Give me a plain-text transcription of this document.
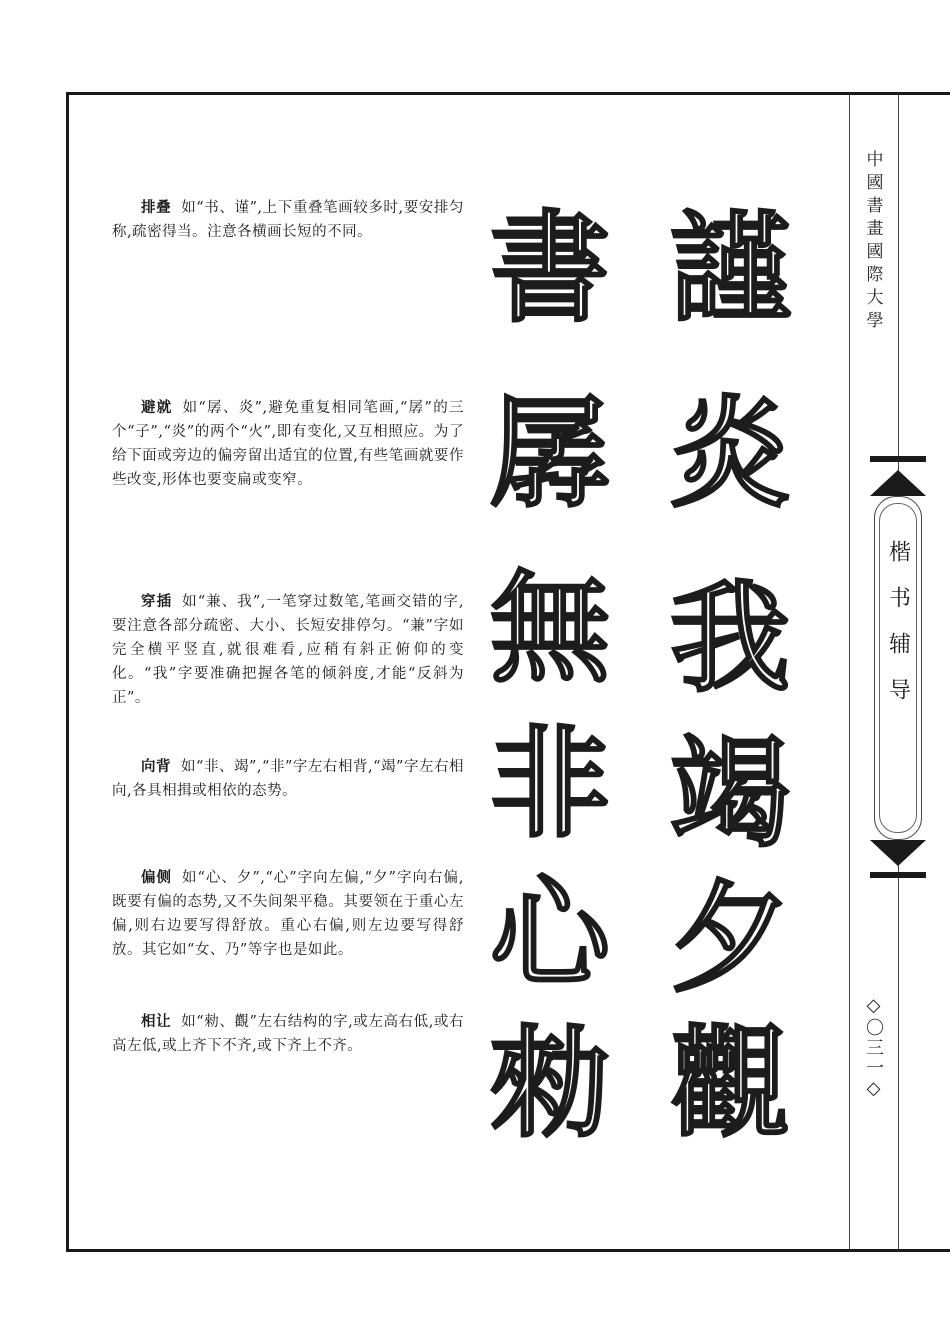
排叠 如“书、谨”,上下重叠笔画较多时,要安排匀称,疏密得当。注意各横画长短的不同。

避就 如“孱、炎”,避免重复相同笔画,“孱”的三个“子”,“炎”的两个“火”,即有变化,又互相照应。为了给下面或旁边的偏旁留出适宜的位置,有些笔画就要作些改变,形体也要变扁或变窄。

穿插 如“兼、我”,一笔穿过数笔,笔画交错的字,要注意各部分疏密、大小、长短安排停匀。“兼”字如完全横平竖直,就很难看,应稍有斜正俯仰的变化。“我”字要准确把握各笔的倾斜度,才能“反斜为正”。

向背 如“非、竭”,“非”字左右相背,“竭”字左右相向,各具相揖或相依的态势。

偏侧 如“心、夕”,“心”字向左偏,“夕”字向右偏,既要有偏的态势,又不失间架平稳。其要领在于重心左偏,则右边要写得舒放。重心右偏,则左边要写得舒放。其它如“女、乃”等字也是如此。

相让 如“勑、觀”左右结构的字,或左高右低,或右高左低,或上齐下不齐,或下齐上不齐。

書 謹
孱 炎
無 我
非 竭
心 夕
勑 觀
中國書畫國際大學
楷书辅导
◇〇三一◇
